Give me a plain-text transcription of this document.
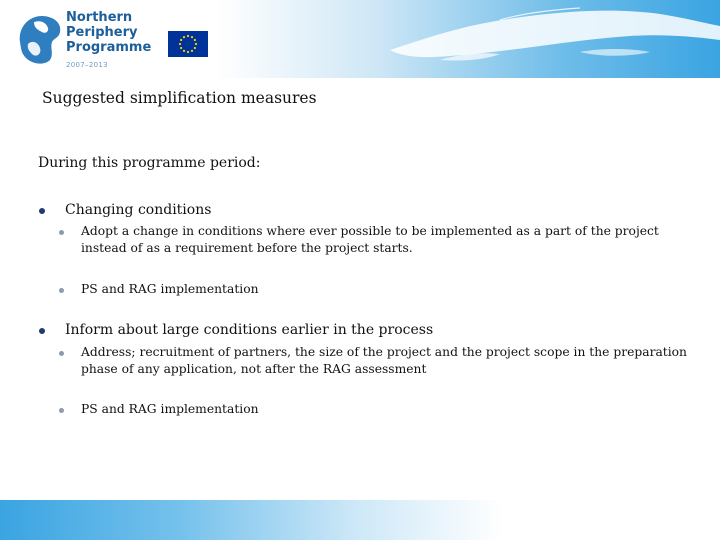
Northern
Periphery
Programme
2007–2013
Suggested simplification measures
During this programme period:
Changing conditions
Adopt a change in conditions where ever possible to be implemented as a part of the project instead of as a requirement before the project starts.
PS and RAG implementation
Inform about large conditions earlier in the process
Address; recruitment of partners, the size of the project and the project scope in the preparation phase of any application, not after the RAG assessment
PS and RAG implementation
